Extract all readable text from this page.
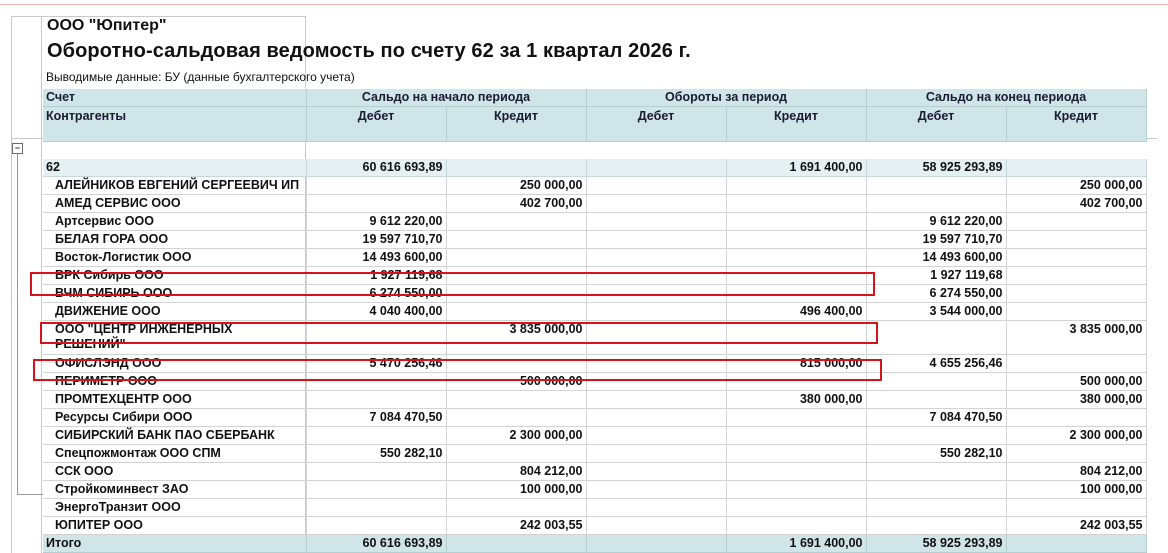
ООО "Юпитер"
Оборотно-сальдовая ведомость по счету 62 за 1 квартал 2026 г.
Выводимые данные: БУ (данные бухгалтерского учета)
Счет	Сальдо на начало периода		Обороты за период		Сальдо на конец периода	
Контрагенты	Дебет	Кредит	Дебет	Кредит	Дебет	Кредит

62	60 616 693,89			1 691 400,00	58 925 293,89	
АЛЕЙНИКОВ ЕВГЕНИЙ СЕРГЕЕВИЧ ИП		250 000,00				250 000,00
АМЕД СЕРВИС ООО		402 700,00				402 700,00
Артсервис ООО	9 612 220,00				9 612 220,00	
БЕЛАЯ ГОРА ООО	19 597 710,70				19 597 710,70	
Восток-Логистик ООО	14 493 600,00				14 493 600,00	
ВРК Сибирь ООО	1 927 119,68				1 927 119,68	
ВЧМ СИБИРЬ ООО	6 274 550,00				6 274 550,00	
ДВИЖЕНИЕ ООО	4 040 400,00			496 400,00	3 544 000,00	
ООО "ЦЕНТР ИНЖЕНЕРНЫХ РЕШЕНИЙ"		3 835 000,00				3 835 000,00
ОФИСЛЭНД ООО	5 470 256,46			815 000,00	4 655 256,46	
ПЕРИМЕТР ООО		500 000,00				500 000,00
ПРОМТЕХЦЕНТР ООО				380 000,00		380 000,00
Ресурсы Сибири ООО	7 084 470,50				7 084 470,50	
СИБИРСКИЙ БАНК ПАО СБЕРБАНК		2 300 000,00				2 300 000,00
Спецпожмонтаж ООО СПМ	550 282,10				550 282,10	
ССК ООО		804 212,00				804 212,00
Стройкоминвест ЗАО		100 000,00				100 000,00
ЭнергоТранзит ООО						
ЮПИТЕР ООО		242 003,55				242 003,55
Итого	60 616 693,89			1 691 400,00	58 925 293,89	
−
